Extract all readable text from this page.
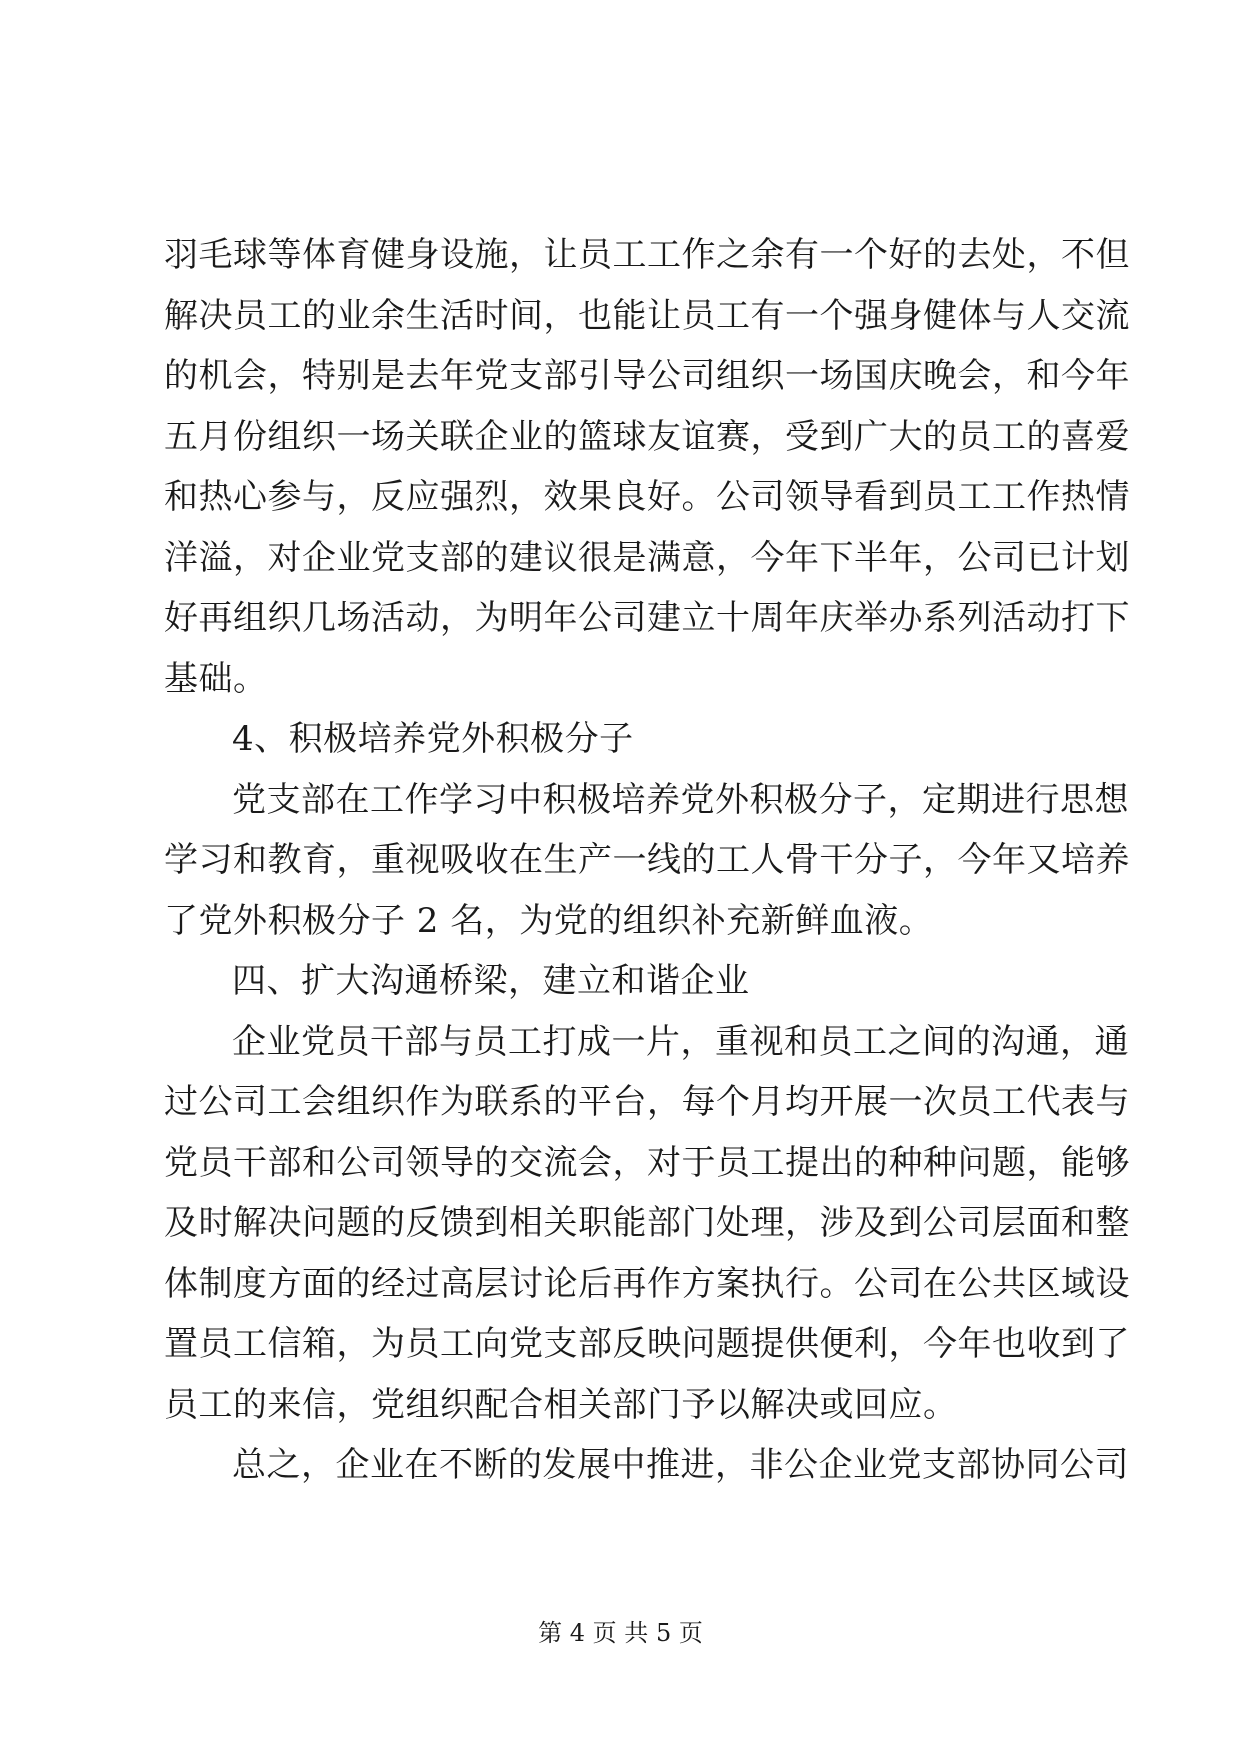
羽毛球等体育健身设施，让员工工作之余有一个好的去处，不但
解决员工的业余生活时间，也能让员工有一个强身健体与人交流
的机会，特别是去年党支部引导公司组织一场国庆晚会，和今年
五月份组织一场关联企业的篮球友谊赛，受到广大的员工的喜爱
和热心参与，反应强烈，效果良好。公司领导看到员工工作热情
洋溢，对企业党支部的建议很是满意，今年下半年，公司已计划
好再组织几场活动，为明年公司建立十周年庆举办系列活动打下
基础。
4、积极培养党外积极分子
党支部在工作学习中积极培养党外积极分子，定期进行思想
学习和教育，重视吸收在生产一线的工人骨干分子，今年又培养
了党外积极分子 2 名，为党的组织补充新鲜血液。
四、扩大沟通桥梁，建立和谐企业
企业党员干部与员工打成一片，重视和员工之间的沟通，通
过公司工会组织作为联系的平台，每个月均开展一次员工代表与
党员干部和公司领导的交流会，对于员工提出的种种问题，能够
及时解决问题的反馈到相关职能部门处理，涉及到公司层面和整
体制度方面的经过高层讨论后再作方案执行。公司在公共区域设
置员工信箱，为员工向党支部反映问题提供便利，今年也收到了
员工的来信，党组织配合相关部门予以解决或回应。
总之，企业在不断的发展中推进，非公企业党支部协同公司
第 4 页 共 5 页
